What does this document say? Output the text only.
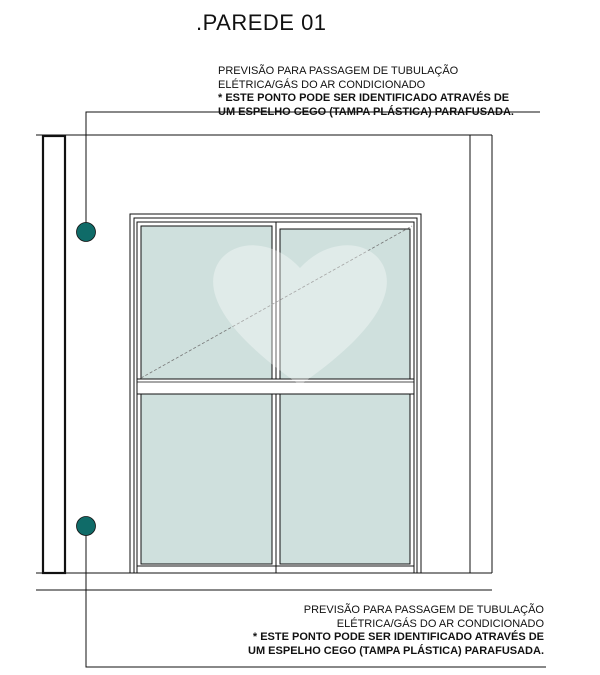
.PAREDE 01
PREVISÃO PARA PASSAGEM DE TUBULAÇÃO
ELÉTRICA/GÁS DO AR CONDICIONADO
* ESTE PONTO PODE SER IDENTIFICADO ATRAVÉS DE
UM ESPELHO CEGO (TAMPA PLÁSTICA) PARAFUSADA.
PREVISÃO PARA PASSAGEM DE TUBULAÇÃO
ELÉTRICA/GÁS DO AR CONDICIONADO
* ESTE PONTO PODE SER IDENTIFICADO ATRAVÉS DE
UM ESPELHO CEGO (TAMPA PLÁSTICA) PARAFUSADA.
